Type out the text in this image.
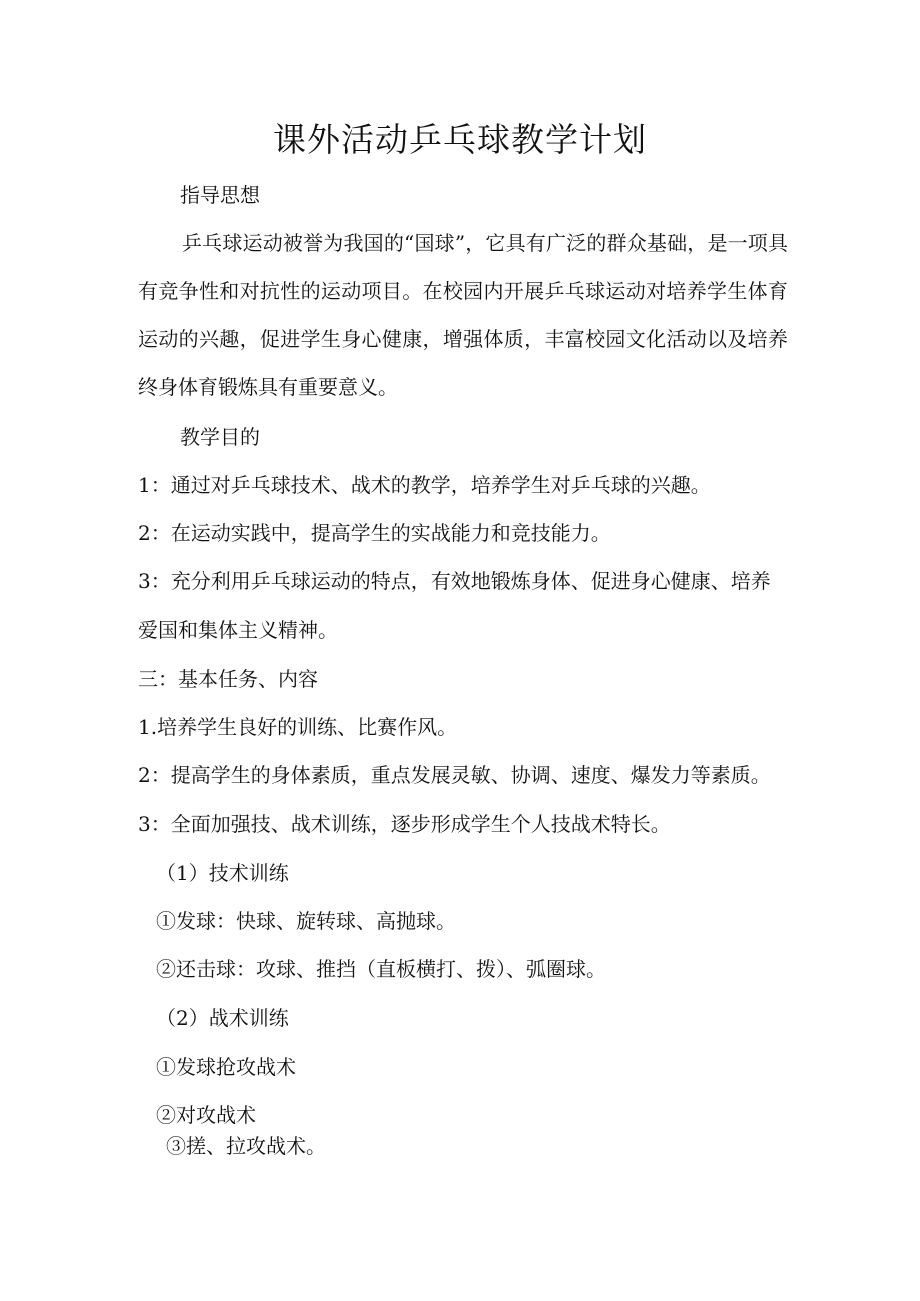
课外活动乒乓球教学计划
指导思想
乒乓球运动被誉为我国的“国球”，它具有广泛的群众基础，是一项具有竞争性和对抗性的运动项目。在校园内开展乒乓球运动对培养学生体育运动的兴趣，促进学生身心健康，增强体质，丰富校园文化活动以及培养终身体育锻炼具有重要意义。
教学目的
1：通过对乒乓球技术、战术的教学，培养学生对乒乓球的兴趣。
2：在运动实践中，提高学生的实战能力和竞技能力。
3：充分利用乒乓球运动的特点，有效地锻炼身体、促进身心健康、培养
爱国和集体主义精神。
三：基本任务、内容
1.培养学生良好的训练、比赛作风。
2：提高学生的身体素质，重点发展灵敏、协调、速度、爆发力等素质。
3：全面加强技、战术训练，逐步形成学生个人技战术特长。
（1）技术训练
①发球：快球、旋转球、高抛球。
②还击球：攻球、推挡（直板横打、拨）、弧圈球。
（2）战术训练
①发球抢攻战术
②对攻战术
③搓、拉攻战术。
